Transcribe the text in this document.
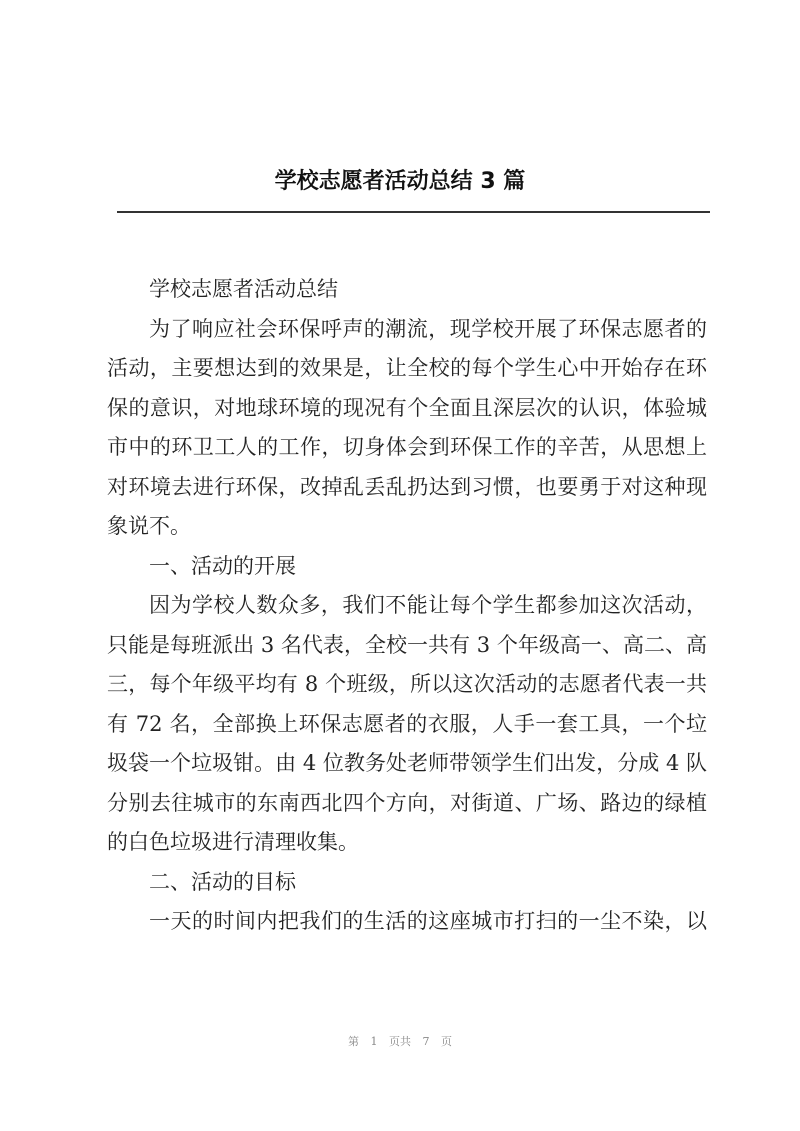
学校志愿者活动总结 3 篇
学校志愿者活动总结
为了响应社会环保呼声的潮流，现学校开展了环保志愿者的
活动，主要想达到的效果是，让全校的每个学生心中开始存在环
保的意识，对地球环境的现况有个全面且深层次的认识，体验城
市中的环卫工人的工作，切身体会到环保工作的辛苦，从思想上
对环境去进行环保，改掉乱丢乱扔达到习惯，也要勇于对这种现
象说不。
一、活动的开展
因为学校人数众多，我们不能让每个学生都参加这次活动，
只能是每班派出 3 名代表，全校一共有 3 个年级高一、高二、高
三，每个年级平均有 8 个班级，所以这次活动的志愿者代表一共
有 72 名，全部换上环保志愿者的衣服，人手一套工具，一个垃
圾袋一个垃圾钳。由 4 位教务处老师带领学生们出发，分成 4 队
分别去往城市的东南西北四个方向，对街道、广场、路边的绿植
的白色垃圾进行清理收集。
二、活动的目标
一天的时间内把我们的生活的这座城市打扫的一尘不染，以
第 1 页共 7 页
